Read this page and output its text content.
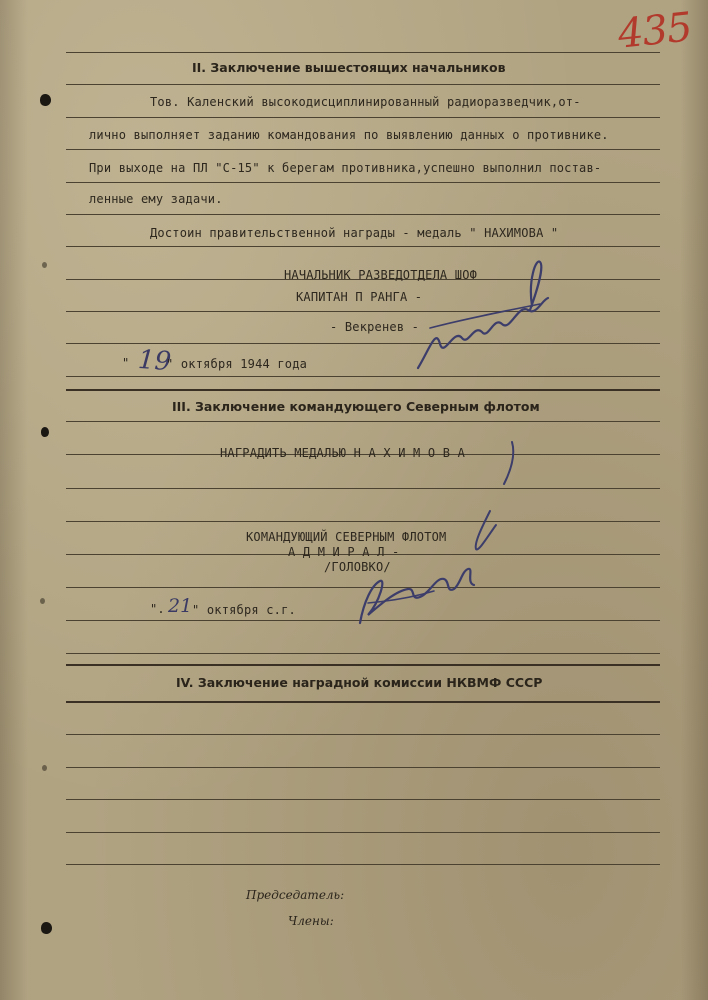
435
II. Заключение вышестоящих начальников
Тов. Каленский высокодисциплинированный радиоразведчик,от-
лично выполняет заданию командования по выявлению данных о противнике.
При выходе на ПЛ "С-15" к берегам противника,успешно выполнил постав-
ленные ему задачи.
Достоин правительственной награды - медаль " НАХИМОВА "
НАЧАЛЬНИК РАЗВЕДОТДЕЛА ШОФ
КАПИТАН П РАНГА -
- Векренев -
" 19
" октября 1944 года
III. Заключение командующего Северным флотом
НАГРАДИТЬ МЕДАЛЬЮ Н А Х И М О В А
КОМАНДУЮЩИЙ СЕВЕРНЫМ ФЛОТОМ
А Д М И Р А Л -
/ГОЛОВКО/
". 21 " октября с.г.
IV. Заключение наградной комиссии НКВМФ СССР
Председатель:
Члены:
